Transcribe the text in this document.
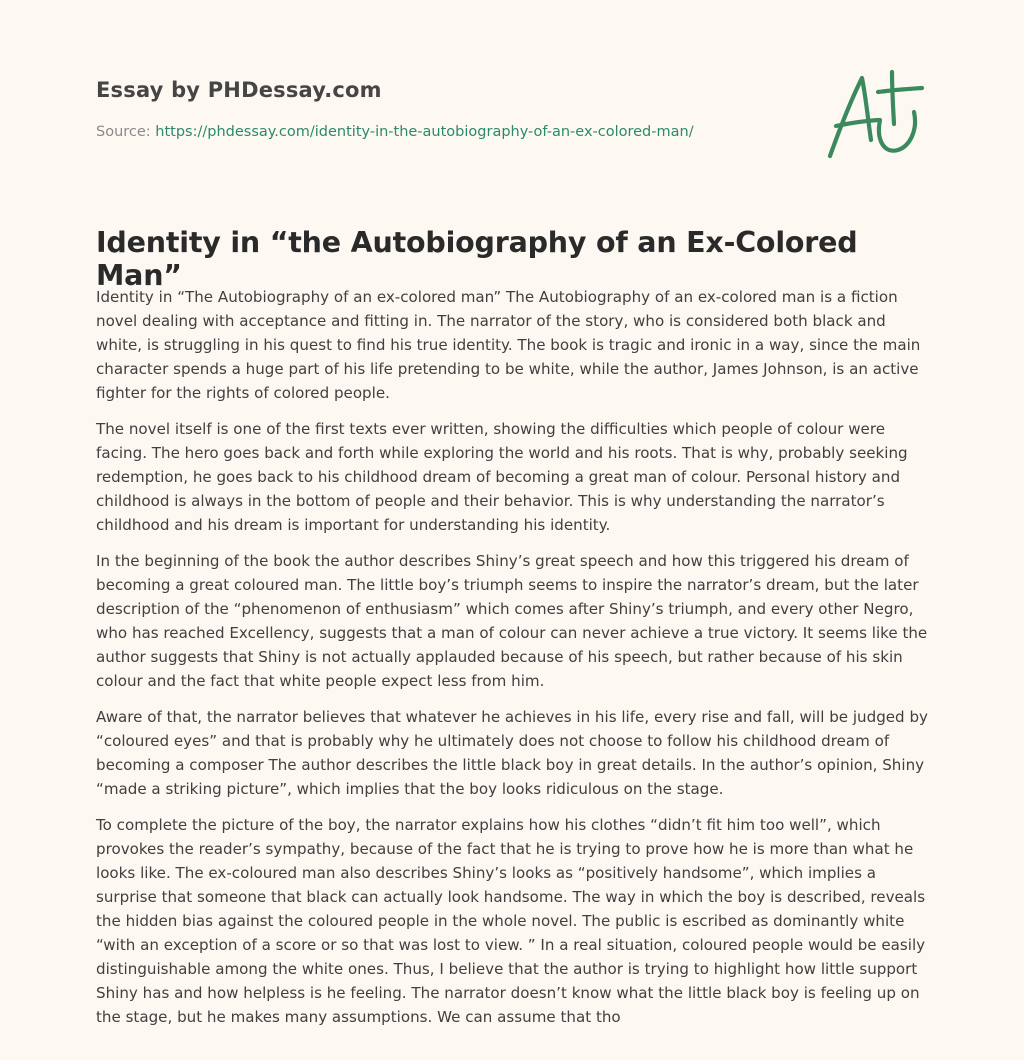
Essay by PHDessay.com
Source: https://phdessay.com/identity-in-the-autobiography-of-an-ex-colored-man/
Identity in “the Autobiography of an Ex-Colored Man”

Identity in “The Autobiography of an ex-colored man” The Autobiography of an ex-colored man is a fiction novel dealing with acceptance and fitting in. The narrator of the story, who is considered both black and white, is struggling in his quest to find his true identity. The book is tragic and ironic in a way, since the main character spends a huge part of his life pretending to be white, while the author, James Johnson, is an active fighter for the rights of colored people.

The novel itself is one of the first texts ever written, showing the difficulties which people of colour were facing. The hero goes back and forth while exploring the world and his roots. That is why, probably seeking redemption, he goes back to his childhood dream of becoming a great man of colour. Personal history and childhood is always in the bottom of people and their behavior. This is why understanding the narrator’s childhood and his dream is important for understanding his identity.

In the beginning of the book the author describes Shiny’s great speech and how this triggered his dream of becoming a great coloured man. The little boy’s triumph seems to inspire the narrator’s dream, but the later description of the “phenomenon of enthusiasm” which comes after Shiny’s triumph, and every other Negro, who has reached Excellency, suggests that a man of colour can never achieve a true victory. It seems like the author suggests that Shiny is not actually applauded because of his speech, but rather because of his skin colour and the fact that white people expect less from him.

Aware of that, the narrator believes that whatever he achieves in his life, every rise and fall, will be judged by “coloured eyes” and that is probably why he ultimately does not choose to follow his childhood dream of becoming a composer The author describes the little black boy in great details. In the author’s opinion, Shiny “made a striking picture”, which implies that the boy looks ridiculous on the stage.

To complete the picture of the boy, the narrator explains how his clothes “didn’t fit him too well”, which provokes the reader’s sympathy, because of the fact that he is trying to prove how he is more than what he looks like. The ex-coloured man also describes Shiny’s looks as “positively handsome”, which implies a surprise that someone that black can actually look handsome. The way in which the boy is described, reveals the hidden bias against the coloured people in the whole novel. The public is escribed as dominantly white “with an exception of a score or so that was lost to view. ” In a real situation, coloured people would be easily distinguishable among the white ones. Thus, I believe that the author is trying to highlight how little support Shiny has and how helpless is he feeling. The narrator doesn’t know what the little black boy is feeling up on the stage, but he makes many assumptions. We can assume that tho
